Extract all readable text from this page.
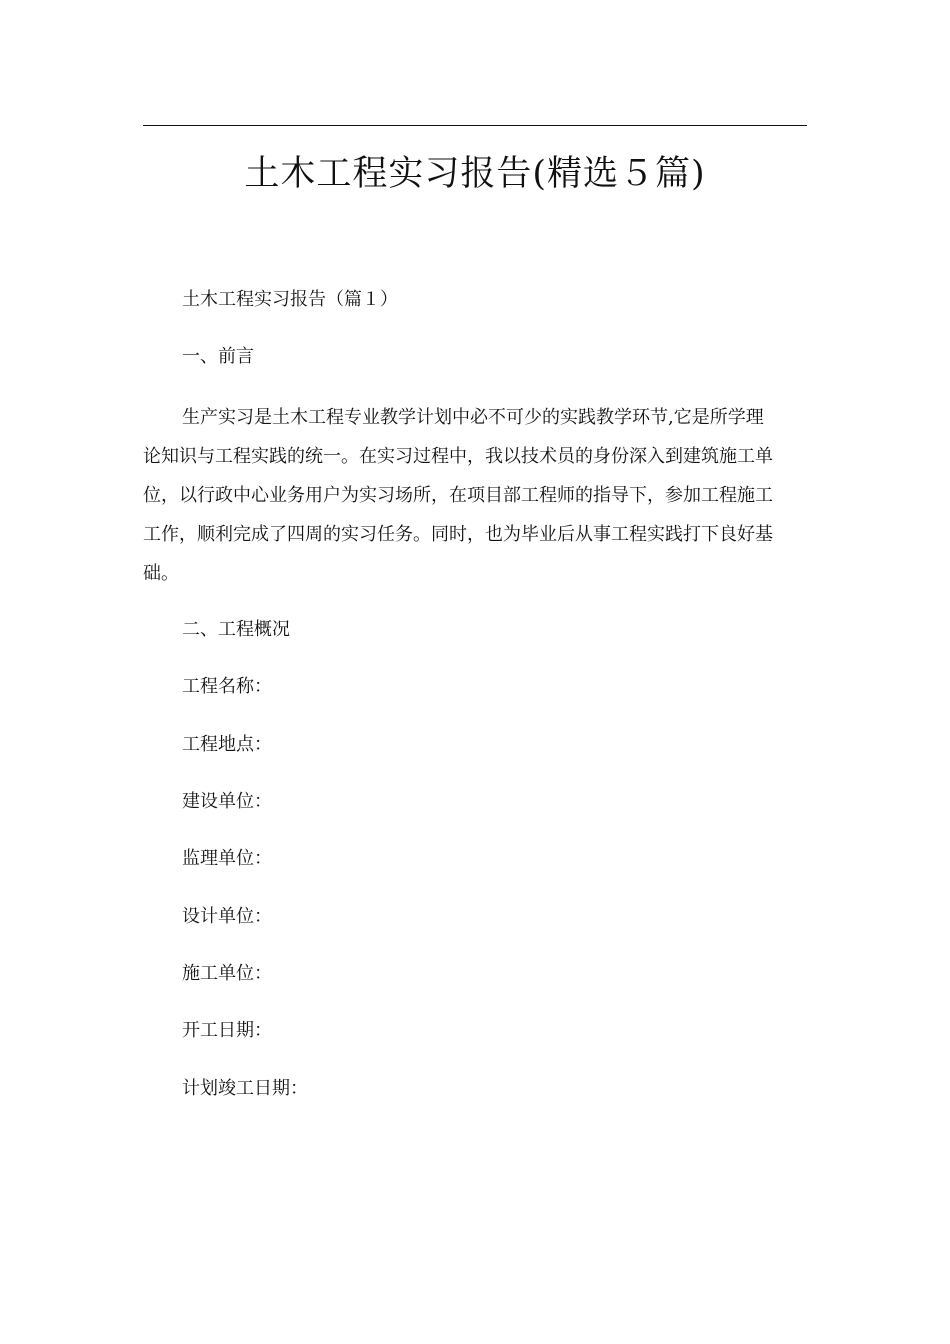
土木工程实习报告(精选５篇)
土木工程实习报告（篇１）
一、前言
生产实习是土木工程专业教学计划中必不可少的实践教学环节,它是所学理
论知识与工程实践的统一。在实习过程中，我以技术员的身份深入到建筑施工单
位，以行政中心业务用户为实习场所，在项目部工程师的指导下，参加工程施工
工作，顺利完成了四周的实习任务。同时，也为毕业后从事工程实践打下良好基
础。
二、工程概况
工程名称：
工程地点：
建设单位：
监理单位：
设计单位：
施工单位：
开工日期：
计划竣工日期：
